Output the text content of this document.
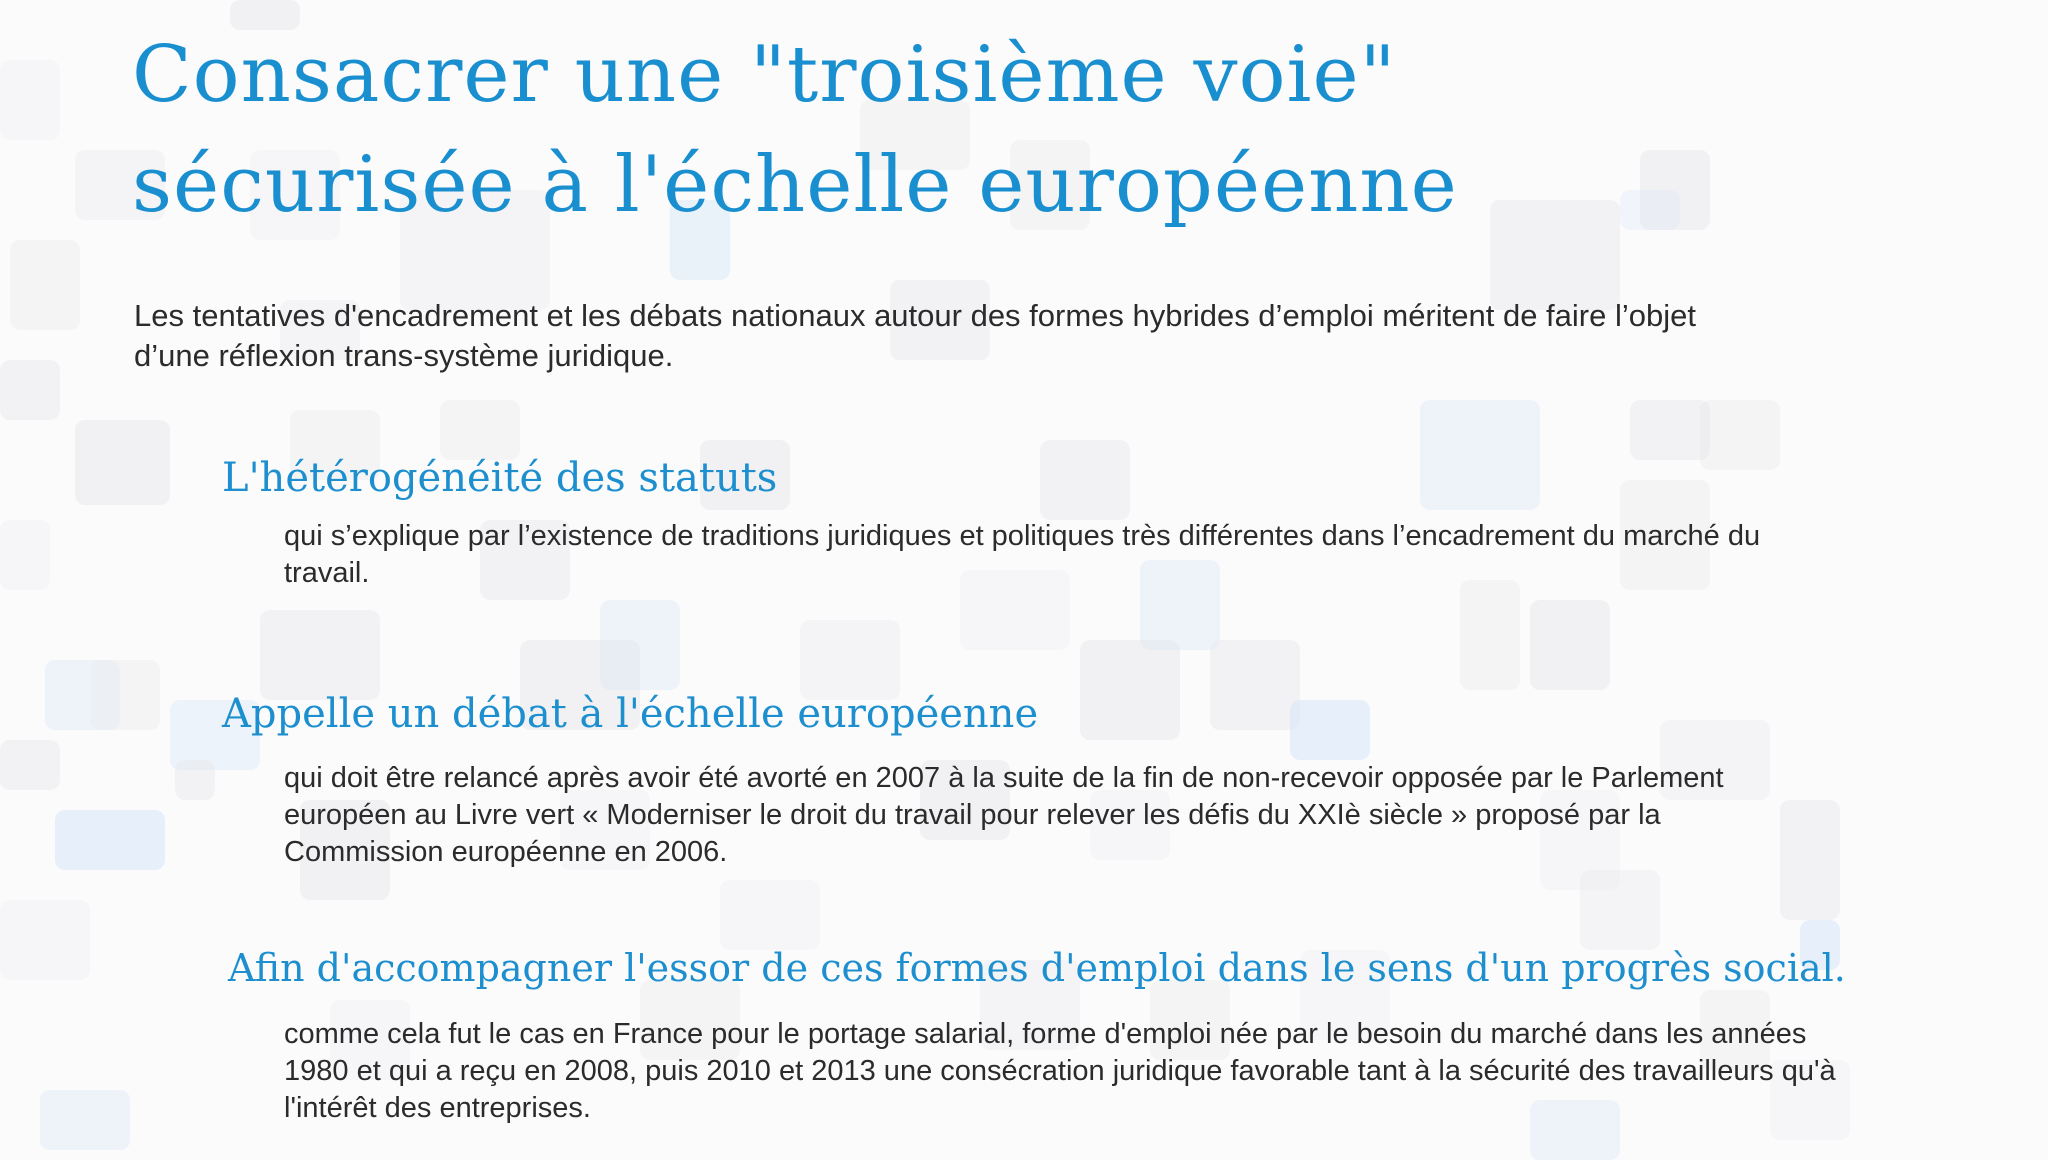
Consacrer une "troisième voie"
sécurisée à l'échelle européenne

Les tentatives d'encadrement et les débats nationaux autour des formes hybrides d’emploi méritent de faire l’objet d’une réflexion trans-système juridique.

L'hétérogénéité des statuts

qui s’explique par l’existence de traditions juridiques et politiques très différentes dans l’encadrement du marché du travail.

Appelle un débat à l'échelle européenne

qui doit être relancé après avoir été avorté en 2007 à la suite de la fin de non-recevoir opposée par le Parlement européen au Livre vert « Moderniser le droit du travail pour relever les défis du XXIè siècle » proposé par la Commission européenne en 2006.

Afin d'accompagner l'essor de ces formes d'emploi dans le sens d'un progrès social.

comme cela fut le cas en France pour le portage salarial, forme d'emploi née par le besoin du marché dans les années 1980 et qui a reçu en 2008, puis 2010 et 2013 une consécration juridique favorable tant à la sécurité des travailleurs qu'à l'intérêt des entreprises.
